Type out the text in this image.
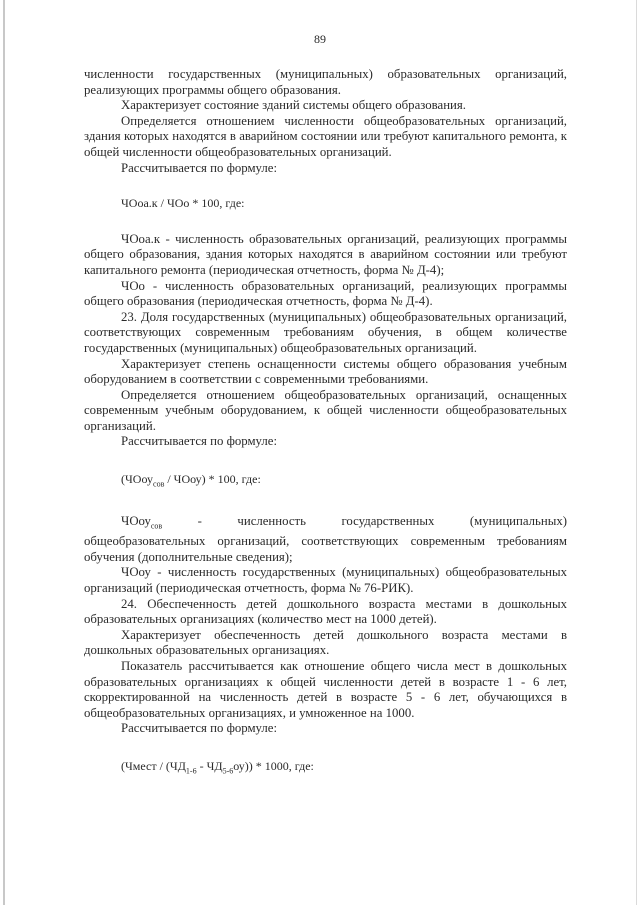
89

численности государственных (муниципальных) образовательных организаций, реализующих программы общего образования.

Характеризует состояние зданий системы общего образования.

Определяется отношением численности общеобразовательных организаций, здания которых находятся в аварийном состоянии или требуют капитального ремонта, к общей численности общеобразовательных организаций.

Рассчитывается по формуле:

ЧОоа.к / ЧОо * 100, где:

ЧОоа.к - численность образовательных организаций, реализующих программы общего образования, здания которых находятся в аварийном состоянии или требуют капитального ремонта (периодическая отчетность, форма № Д-4);

ЧОо - численность образовательных организаций, реализующих программы общего образования (периодическая отчетность, форма № Д-4).

23. Доля государственных (муниципальных) общеобразовательных организаций, соответствующих современным требованиям обучения, в общем количестве государственных (муниципальных) общеобразовательных организаций.

Характеризует степень оснащенности системы общего образования учебным оборудованием в соответствии с современными требованиями.

Определяется отношением общеобразовательных организаций, оснащенных современным учебным оборудованием, к общей численности общеобразовательных организаций.

Рассчитывается по формуле:

(ЧОоу$_{сов}$ / ЧОоу) * 100, где:

ЧОоу$_{сов}$	-	численность	государственных	(муниципальных)

общеобразовательных организаций, соответствующих современным требованиям обучения (дополнительные сведения);

ЧОоу - численность государственных (муниципальных) общеобразовательных организаций (периодическая отчетность, форма № 76-РИК).

24. Обеспеченность детей дошкольного возраста местами в дошкольных образовательных организациях (количество мест на 1000 детей).

Характеризует обеспеченность детей дошкольного возраста местами в дошкольных образовательных организациях.

Показатель рассчитывается как отношение общего числа мест в дошкольных образовательных организациях к общей численности детей в возрасте 1 - 6 лет, скорректированной на численность детей в возрасте 5 - 6 лет, обучающихся в общеобразовательных организациях, и умноженное на 1000.

Рассчитывается по формуле:

(Чмест / $(ЧД_{1-6} - ЧД_{5-6}оу)) * 1000$, где:
